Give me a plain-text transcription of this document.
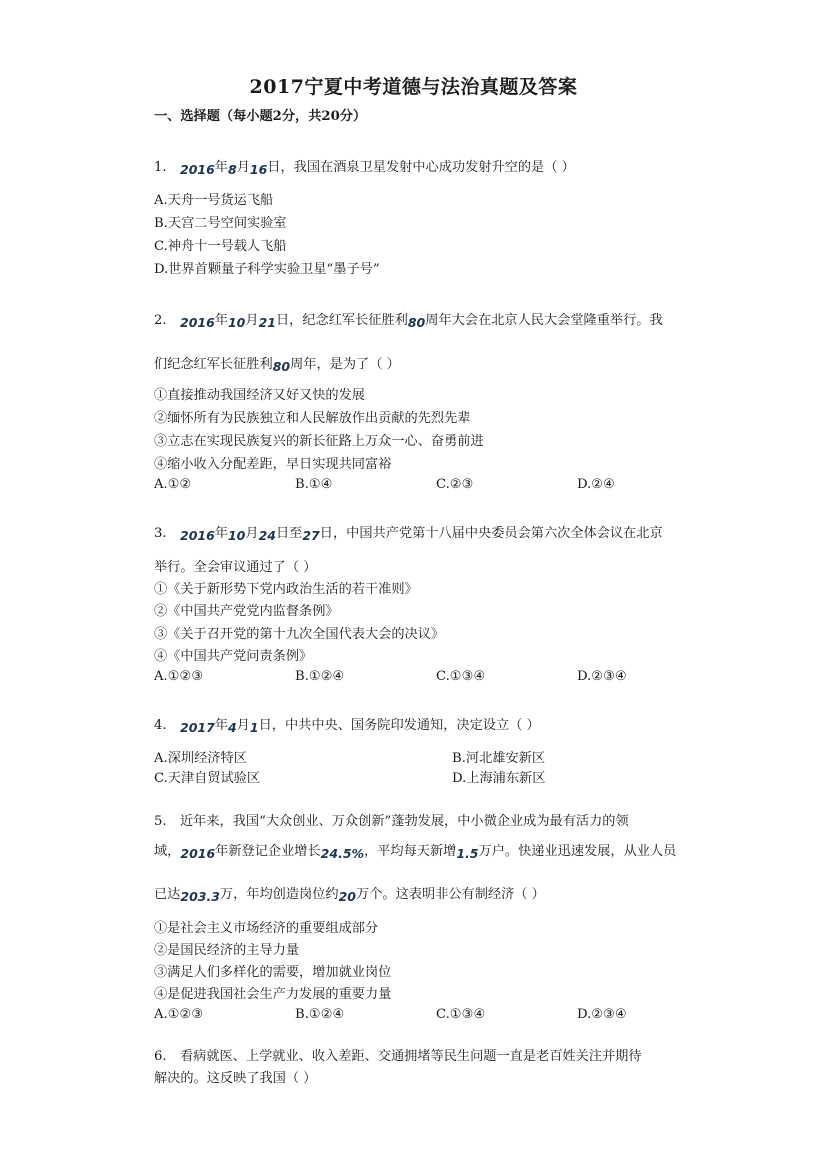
2017宁夏中考道德与法治真题及答案
一、选择题（每小题2分，共20分）
1. 2016年8月16日，我国在酒泉卫星发射中心成功发射升空的是（ ）
A.天舟一号货运飞船
B.天宫二号空间实验室
C.神舟十一号载人飞船
D.世界首颗量子科学实验卫星“墨子号”
2. 2016年10月21日，纪念红军长征胜利80周年大会在北京人民大会堂隆重举行。我
们纪念红军长征胜利80周年，是为了（ ）
①直接推动我国经济又好又快的发展
②缅怀所有为民族独立和人民解放作出贡献的先烈先辈
③立志在实现民族复兴的新长征路上万众一心、奋勇前进
④缩小收入分配差距，早日实现共同富裕
A.①②	B.①④	C.②③	D.②④
3. 2016年10月24日至27日，中国共产党第十八届中央委员会第六次全体会议在北京
举行。全会审议通过了（ ）
①《关于新形势下党内政治生活的若干准则》
②《中国共产党党内监督条例》
③《关于召开党的第十九次全国代表大会的决议》
④《中国共产党问责条例》
A.①②③	B.①②④	C.①③④	D.②③④
4. 2017年4月1日，中共中央、国务院印发通知，决定设立（ ）
A.深圳经济特区	B.河北雄安新区
C.天津自贸试验区	D.上海浦东新区
5. 近年来，我国“大众创业、万众创新”蓬勃发展，中小微企业成为最有活力的领
域，2016年新登记企业增长24.5%，平均每天新增1.5万户。快递业迅速发展，从业人员
已达203.3万，年均创造岗位约20万个。这表明非公有制经济（ ）
①是社会主义市场经济的重要组成部分
②是国民经济的主导力量
③满足人们多样化的需要，增加就业岗位
④是促进我国社会生产力发展的重要力量
A.①②③	B.①②④	C.①③④	D.②③④
6. 看病就医、上学就业、收入差距、交通拥堵等民生问题一直是老百姓关注并期待
解决的。这反映了我国（ ）
